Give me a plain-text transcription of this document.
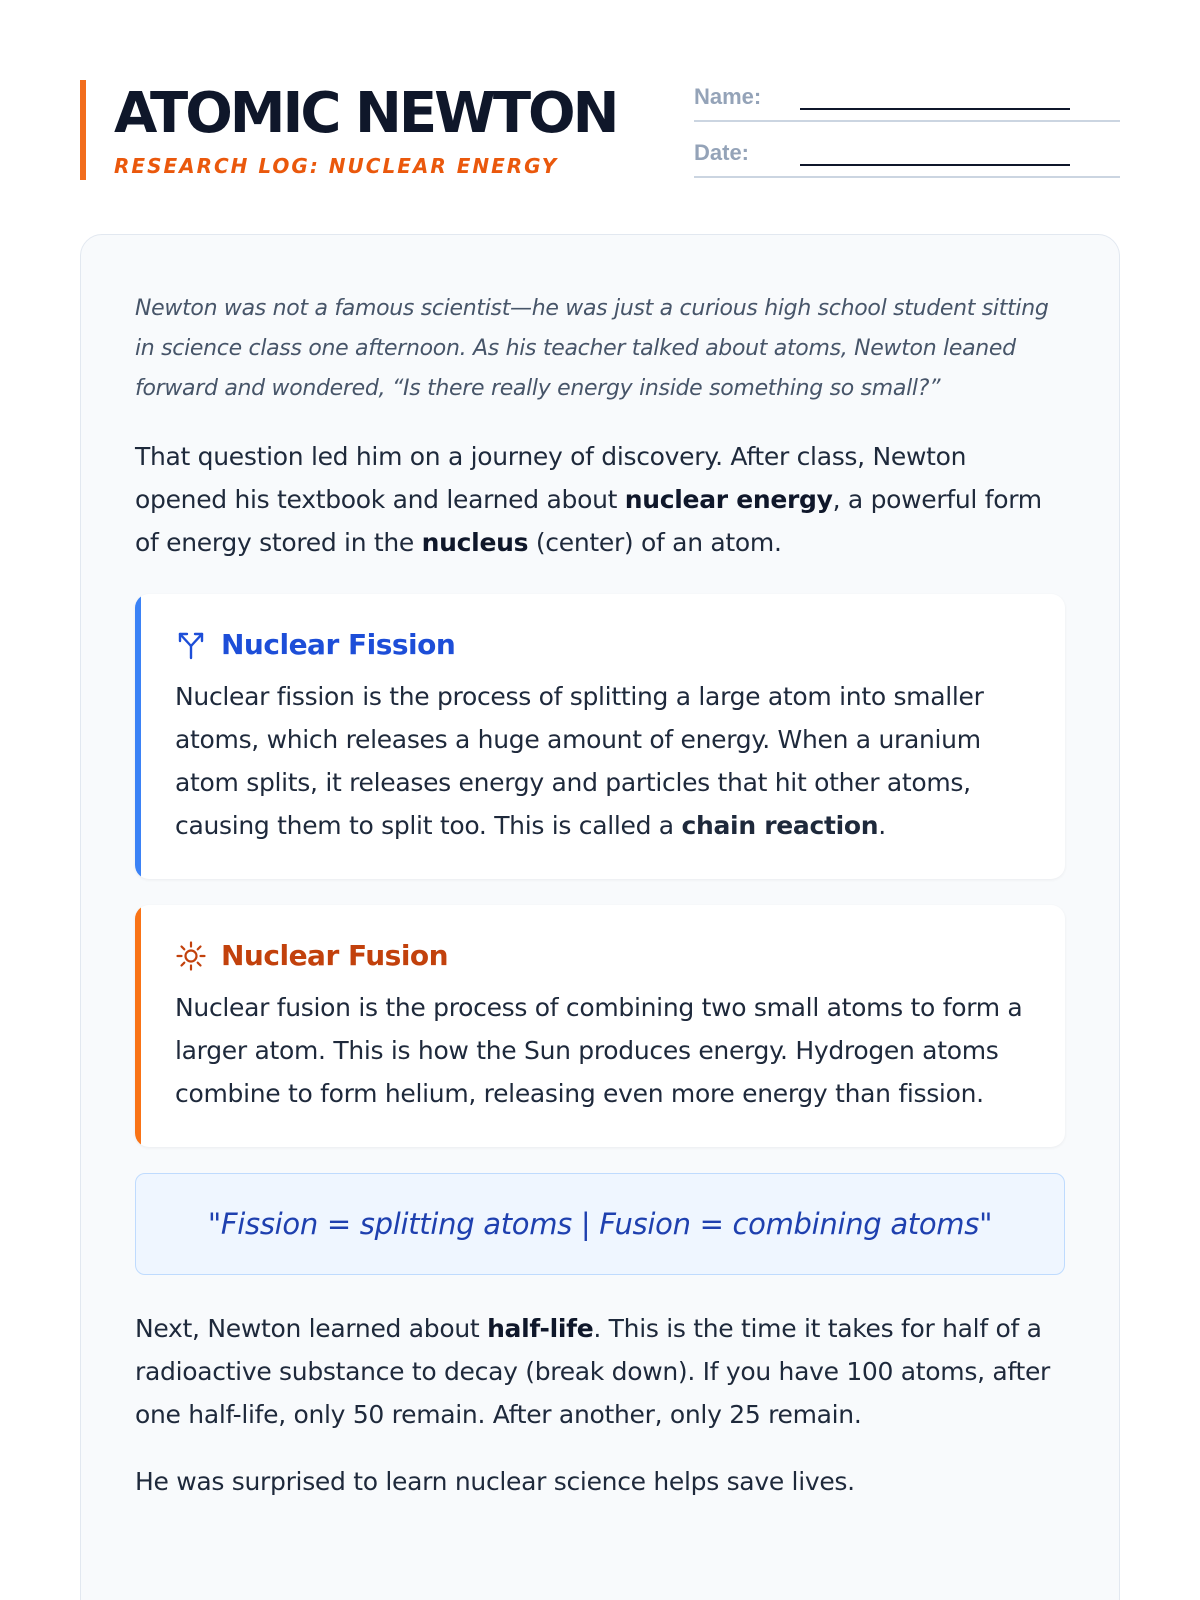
ATOMIC NEWTON
RESEARCH LOG: NUCLEAR ENERGY
Name:
Date:

Newton was not a famous scientist—he was just a curious high school student sitting in science class one afternoon. As his teacher talked about atoms, Newton leaned forward and wondered, “Is there really energy inside something so small?”

That question led him on a journey of discovery. After class, Newton opened his textbook and learned about nuclear energy, a powerful form of energy stored in the nucleus (center) of an atom.

Nuclear Fission

Nuclear fission is the process of splitting a large atom into smaller atoms, which releases a huge amount of energy. When a uranium atom splits, it releases energy and particles that hit other atoms, causing them to split too. This is called a chain reaction.

Nuclear Fusion

Nuclear fusion is the process of combining two small atoms to form a larger atom. This is how the Sun produces energy. Hydrogen atoms combine to form helium, releasing even more energy than fission.

"Fission = splitting atoms | Fusion = combining atoms"

Next, Newton learned about half-life. This is the time it takes for half of a radioactive substance to decay (break down). If you have 100 atoms, after one half-life, only 50 remain. After another, only 25 remain.

He was surprised to learn nuclear science helps save lives.
